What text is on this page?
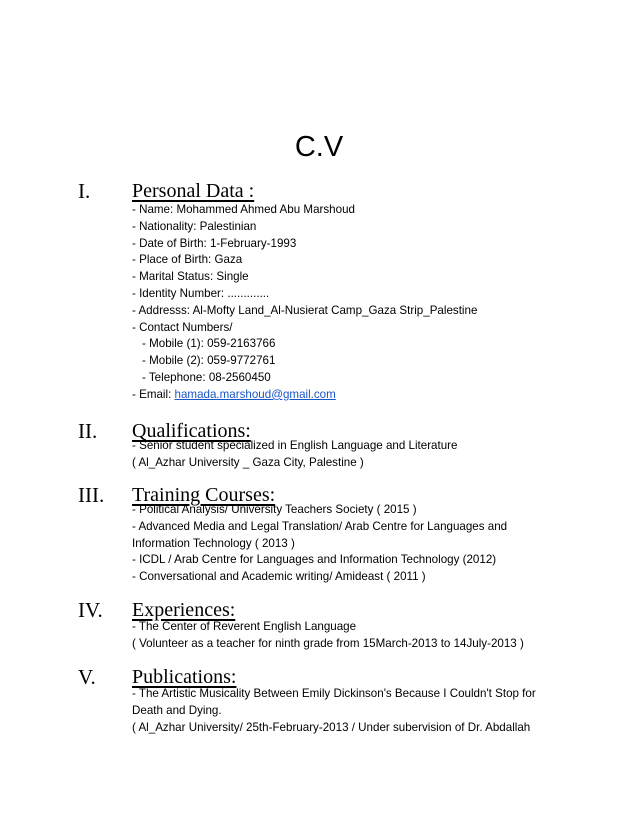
C.V
I. Personal Data :
- Name: Mohammed Ahmed Abu Marshoud
- Nationality: Palestinian
- Date of Birth: 1-February-1993
- Place of Birth: Gaza
- Marital Status: Single
- Identity Number: .............
- Addresss: Al-Mofty Land_Al-Nusierat Camp_Gaza Strip_Palestine
- Contact Numbers/
- Mobile (1): 059-2163766
- Mobile (2): 059-9772761
- Telephone: 08-2560450
- Email: hamada.marshoud@gmail.com
II. Qualifications:
- Senior student specialized in English Language and Literature
( Al_Azhar University _ Gaza City, Palestine )
III. Training Courses:
- Political Analysis/ University Teachers Society ( 2015 )
- Advanced Media and Legal Translation/ Arab Centre for Languages and
Information Technology ( 2013 )
- ICDL / Arab Centre for Languages and Information Technology (2012)
- Conversational and Academic writing/ Amideast ( 2011 )
IV. Experiences:
- The Center of Reverent English Language
( Volunteer as a teacher for ninth grade from 15March-2013 to 14July-2013 )
V. Publications:
- The Artistic Musicality Between Emily Dickinson's Because I Couldn't Stop for
Death and Dying.
( Al_Azhar University/ 25th-February-2013 / Under subervision of Dr. Abdallah
